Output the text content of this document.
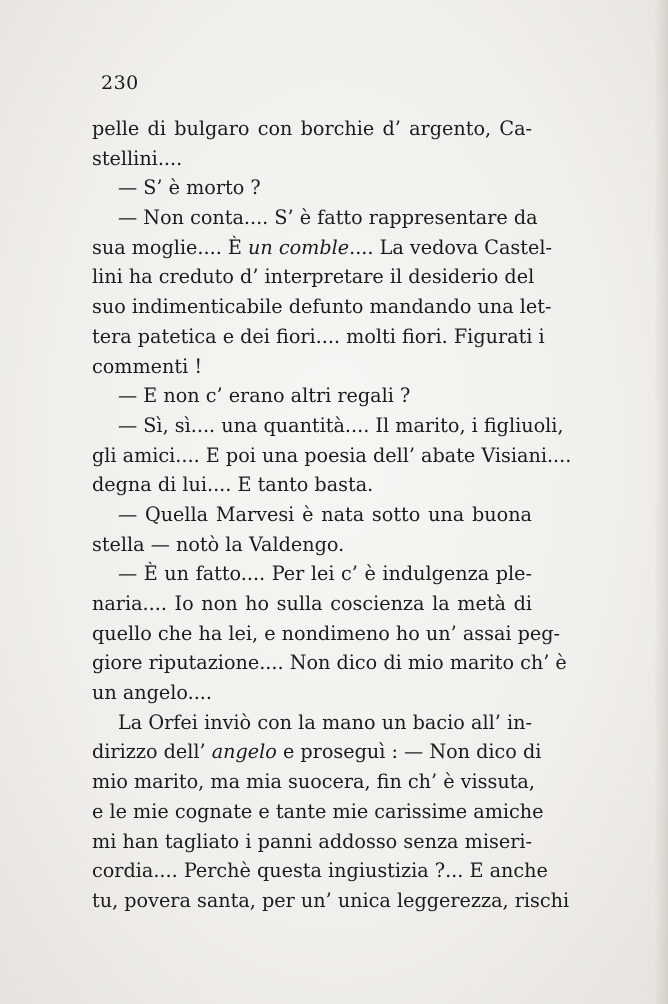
230
pelle di bulgaro con borchie d’ argento, Ca-
stellini....
— S’ è morto ?
— Non conta.... S’ è fatto rappresentare da
sua moglie.... È un comble.... La vedova Castel-
lini ha creduto d’ interpretare il desiderio del
suo indimenticabile defunto mandando una let-
tera patetica e dei fiori.... molti fiori. Figurati i
commenti !
— E non c’ erano altri regali ?
— Sì, sì.... una quantità.... Il marito, i figliuoli,
gli amici.... E poi una poesia dell’ abate Visiani....
degna di lui.... E tanto basta.
— Quella Marvesi è nata sotto una buona
stella — notò la Valdengo.
— È un fatto.... Per lei c’ è indulgenza ple-
naria.... Io non ho sulla coscienza la metà di
quello che ha lei, e nondimeno ho un’ assai peg-
giore riputazione.... Non dico di mio marito ch’ è
un angelo....
La Orfei inviò con la mano un bacio all’ in-
dirizzo dell’ angelo e proseguì : — Non dico di
mio marito, ma mia suocera, fin ch’ è vissuta,
e le mie cognate e tante mie carissime amiche
mi han tagliato i panni addosso senza miseri-
cordia.... Perchè questa ingiustizia ?... E anche
tu, povera santa, per un’ unica leggerezza, rischi
